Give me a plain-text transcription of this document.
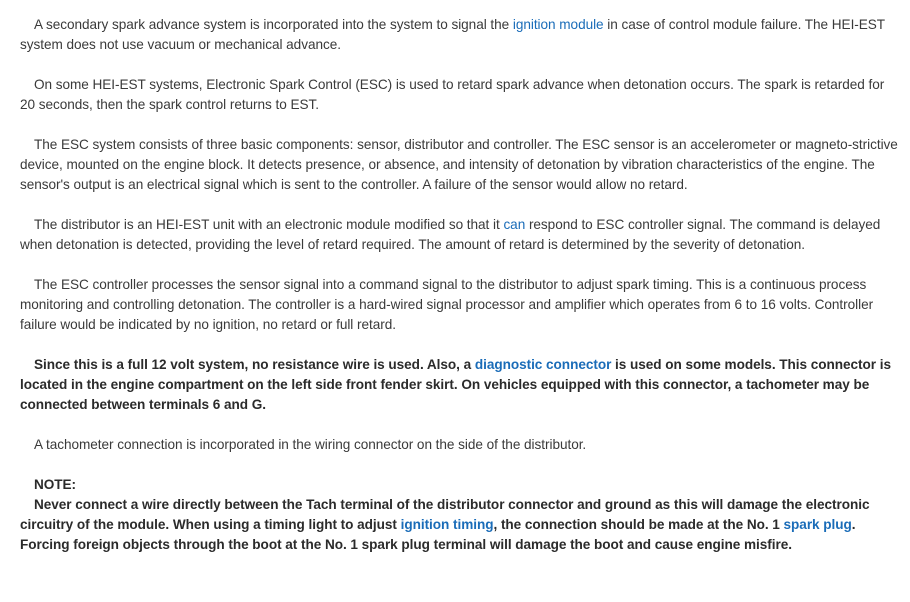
A secondary spark advance system is incorporated into the system to signal the ignition module in case of control module failure. The HEI-EST system does not use vacuum or mechanical advance.

On some HEI-EST systems, Electronic Spark Control (ESC) is used to retard spark advance when detonation occurs. The spark is retarded for 20 seconds, then the spark control returns to EST.

The ESC system consists of three basic components: sensor, distributor and controller. The ESC sensor is an accelerometer or magneto-strictive device, mounted on the engine block. It detects presence, or absence, and intensity of detonation by vibration characteristics of the engine. The sensor's output is an electrical signal which is sent to the controller. A failure of the sensor would allow no retard.

The distributor is an HEI-EST unit with an electronic module modified so that it can respond to ESC controller signal. The command is delayed when detonation is detected, providing the level of retard required. The amount of retard is determined by the severity of detonation.

The ESC controller processes the sensor signal into a command signal to the distributor to adjust spark timing. This is a continuous process monitoring and controlling detonation. The controller is a hard-wired signal processor and amplifier which operates from 6 to 16 volts. Controller failure would be indicated by no ignition, no retard or full retard.

Since this is a full 12 volt system, no resistance wire is used. Also, a diagnostic connector is used on some models. This connector is located in the engine compartment on the left side front fender skirt. On vehicles equipped with this connector, a tachometer may be connected between terminals 6 and G.

A tachometer connection is incorporated in the wiring connector on the side of the distributor.

NOTE:
Never connect a wire directly between the Tach terminal of the distributor connector and ground as this will damage the electronic circuitry of the module. When using a timing light to adjust ignition timing, the connection should be made at the No. 1 spark plug. Forcing foreign objects through the boot at the No. 1 spark plug terminal will damage the boot and cause engine misfire.
